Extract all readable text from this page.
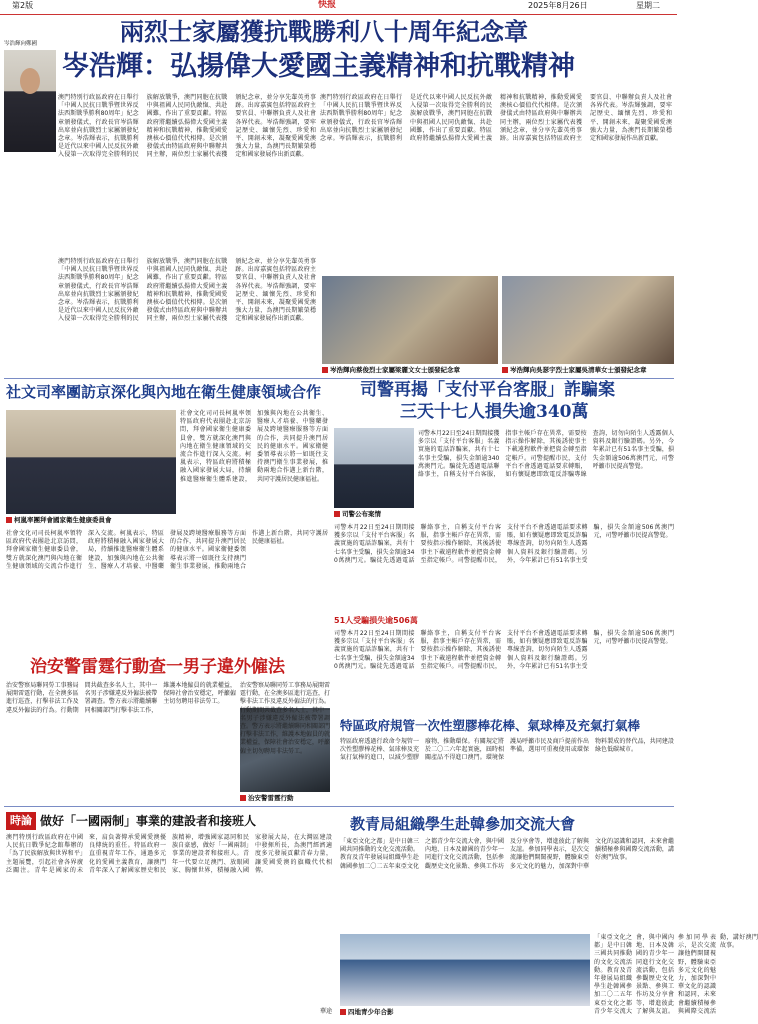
第2版	快报	2025年8月26日	星期二
岑浩輝向鄭國	兩烈士家屬獲抗戰勝利八十周年紀念章
岑浩輝：弘揚偉大愛國主義精神和抗戰精神
澳門特別行政區政府在日舉行「中國人民抗日戰爭暨世界反法西斯戰爭勝利80周年」紀念章頒發儀式，行政長官岑浩輝出席並向抗戰烈士家屬頒發紀念章。岑浩輝表示，抗戰勝利是近代以來中國人民反抗外敵入侵第一次取得完全勝利的民族解放戰爭，澳門同胞在抗戰中與祖國人民同仇敵愾、共赴國難，作出了重要貢獻。特區政府將繼續弘揚偉大愛國主義精神和抗戰精神，推動愛國愛澳核心價值代代相傳。是次頒發儀式由特區政府與中聯辦共同主辦，兩位烈士家屬代表獲頒紀念章，並分享先輩英勇事跡。出席嘉賓包括特區政府主要官員、中聯辦負責人及社會各界代表。岑浩輝強調，要牢記歷史、緬懷先烈、珍愛和平、開創未來，凝聚愛國愛澳強大力量，為澳門長期繁榮穩定和國家發展作出新貢獻。
澳門特別行政區政府在日舉行「中國人民抗日戰爭暨世界反法西斯戰爭勝利80周年」紀念章頒發儀式，行政長官岑浩輝出席並向抗戰烈士家屬頒發紀念章。岑浩輝表示，抗戰勝利是近代以來中國人民反抗外敵入侵第一次取得完全勝利的民族解放戰爭，澳門同胞在抗戰中與祖國人民同仇敵愾、共赴國難，作出了重要貢獻。特區政府將繼續弘揚偉大愛國主義精神和抗戰精神，推動愛國愛澳核心價值代代相傳。是次頒發儀式由特區政府與中聯辦共同主辦，兩位烈士家屬代表獲頒紀念章，並分享先輩英勇事跡。出席嘉賓包括特區政府主要官員、中聯辦負責人及社會各界代表。岑浩輝強調，要牢記歷史、緬懷先烈、珍愛和平、開創未來，凝聚愛國愛澳強大力量，為澳門長期繁榮穩定和國家發展作出新貢獻。
岑浩輝向蔡俊烈士家屬梁麗文女士頒發紀念章	岑浩輝向吳瑟宇烈士家屬吳清華女士頒發紀念章
澳門特別行政區政府在日舉行「中國人民抗日戰爭暨世界反法西斯戰爭勝利80周年」紀念章頒發儀式，行政長官岑浩輝出席並向抗戰烈士家屬頒發紀念章。岑浩輝表示，抗戰勝利是近代以來中國人民反抗外敵入侵第一次取得完全勝利的民族解放戰爭，澳門同胞在抗戰中與祖國人民同仇敵愾、共赴國難，作出了重要貢獻。特區政府將繼續弘揚偉大愛國主義精神和抗戰精神，推動愛國愛澳核心價值代代相傳。是次頒發儀式由特區政府與中聯辦共同主辦，兩位烈士家屬代表獲頒紀念章，並分享先輩英勇事跡。出席嘉賓包括特區政府主要官員、中聯辦負責人及社會各界代表。岑浩輝強調，要牢記歷史、緬懷先烈、珍愛和平、開創未來，凝聚愛國愛澳強大力量，為澳門長期繁榮穩定和國家發展作出新貢獻。
社文司率團訪京深化與內地在衛生健康領域合作
柯嵐率團拜會國家衛生健康委員會
社會文化司司長柯嵐率領特區政府代表團赴北京訪問，拜會國家衛生健康委員會，雙方就深化澳門與內地在衛生健康領域的交流合作進行深入交流。柯嵐表示，特區政府將積極融入國家發展大局，持續推進醫療衛生體系建設，加強與內地在公共衛生、醫療人才培養、中醫藥發展及跨境醫療服務等方面的合作，共同提升澳門居民的健康水平。國家衛健委領導表示將一如既往支持澳門衛生事業發展，推動兩地合作邁上新台階，共同守護居民健康福祉。
社會文化司司長柯嵐率領特區政府代表團赴北京訪問，拜會國家衛生健康委員會，雙方就深化澳門與內地在衛生健康領域的交流合作進行深入交流。柯嵐表示，特區政府將積極融入國家發展大局，持續推進醫療衛生體系建設，加強與內地在公共衛生、醫療人才培養、中醫藥發展及跨境醫療服務等方面的合作，共同提升澳門居民的健康水平。國家衛健委領導表示將一如既往支持澳門衛生事業發展，推動兩地合作邁上新台階，共同守護居民健康福祉。
司警再揭「支付平台客服」詐騙案
三天十七人損失逾340萬
司警公布案情
司警本月22日至24日期間接獲多宗以「支付平台客服」名義實施的電話詐騙案，共有十七名事主受騙，損失金額逾340萬澳門元。騙徒先透過電話聯絡事主，自稱支付平台客服，指事主帳戶存在異常，需要按指示操作解除，其後誘使事主下載遠程軟件並把資金轉至指定帳戶。司警提醒市民，支付平台不會透過電話要求轉賬，如有懷疑應即致電反詐騙專線查詢，切勿向陌生人透露個人資料及銀行驗證碼。另外，今年累計已有51名事主受騙，損失金額逾506萬澳門元，司警呼籲市民提高警覺。
司警本月22日至24日期間接獲多宗以「支付平台客服」名義實施的電話詐騙案，共有十七名事主受騙，損失金額逾340萬澳門元。騙徒先透過電話聯絡事主，自稱支付平台客服，指事主帳戶存在異常，需要按指示操作解除，其後誘使事主下載遠程軟件並把資金轉至指定帳戶。司警提醒市民，支付平台不會透過電話要求轉賬，如有懷疑應即致電反詐騙專線查詢，切勿向陌生人透露個人資料及銀行驗證碼。另外，今年累計已有51名事主受騙，損失金額逾506萬澳門元，司警呼籲市民提高警覺。
51人受騙損失逾506萬
司警本月22日至24日期間接獲多宗以「支付平台客服」名義實施的電話詐騙案，共有十七名事主受騙，損失金額逾340萬澳門元。騙徒先透過電話聯絡事主，自稱支付平台客服，指事主帳戶存在異常，需要按指示操作解除，其後誘使事主下載遠程軟件並把資金轉至指定帳戶。司警提醒市民，支付平台不會透過電話要求轉賬，如有懷疑應即致電反詐騙專線查詢，切勿向陌生人透露個人資料及銀行驗證碼。另外，今年累計已有51名事主受騙，損失金額逾506萬澳門元，司警呼籲市民提高警覺。
治安警雷霆行動查一男子違外僱法
治安警察局聯同勞工事務局展開雷霆行動，在全澳多區進行巡查，打擊非法工作及違反外僱法的行為。行動期間共截查多名人士，其中一名男子涉嫌違反外僱法被帶署調查。警方表示將繼續聯同相關部門打擊非法工作，維護本地僱員的就業權益，保障社會治安穩定，呼籲僱主切勿聘用非法勞工。
治安警雷霆行動
治安警察局聯同勞工事務局展開雷霆行動，在全澳多區進行巡查，打擊非法工作及違反外僱法的行為。行動期間共截查多名人士，其中一名男子涉嫌違反外僱法被帶署調查。警方表示將繼續聯同相關部門打擊非法工作，維護本地僱員的就業權益，保障社會治安穩定，呼籲僱主切勿聘用非法勞工。
特區政府規管一次性塑膠棒花棒、氣球棒及充氣打氣棒
特區政府透過行政命令規管一次性塑膠棒花棒、氣球棒及充氣打氣棒的進口，以減少塑膠廢物，推動環保。有關規定將於二〇二六年起實施，屆時相關產品不得進口澳門。環境保護局呼籲市民及商戶提前作出準備，選用可重複使用或環保物料製成的替代品，共同建設綠色低碳城市。
時論 做好「一國兩制」事業的建設者和接班人
澳門特別行政區政府在中國人民抗日戰爭紀念館舉辦的「為了民族解放與世界和平」主題展覽，引起社會各界廣泛關注。青年是國家的未來，肩負著傳承愛國愛澳優良傳統的重任。特區政府一直重視青年工作，通過多元化的愛國主義教育，讓澳門青年深入了解國家歷史和民族精神，增強國家認同和民族自豪感，做好「一國兩制」事業的建設者和接班人。青年一代要立足澳門、放眼國家、胸懷世界，積極融入國家發展大局，在大灣區建設中發揮所長，為澳門經濟適度多元發展貢獻青春力量，讓愛國愛澳的旗幟代代相傳。
華途
教青局組織學生赴韓參加交流大會
「東亞文化之都」是中日韓三國共同推動的文化交流活動。教育及青年發展局組織學生赴韓國參加二〇二五年東亞文化之都青少年交流大會，與中國內地、日本及韓國的青少年一同進行文化交流活動，包括參觀歷史文化景點、參與工作坊及分享會等，增進彼此了解與友誼。參加同學表示，是次交流讓他們開闊視野，體驗東亞多元文化的魅力，加深對中華文化的認識和認同，未來會繼續積極參與國際交流活動，講好澳門故事。
四地青少年合影
「東亞文化之都」是中日韓三國共同推動的文化交流活動。教育及青年發展局組織學生赴韓國參加二〇二五年東亞文化之都青少年交流大會，與中國內地、日本及韓國的青少年一同進行文化交流活動，包括參觀歷史文化景點、參與工作坊及分享會等，增進彼此了解與友誼。參加同學表示，是次交流讓他們開闊視野，體驗東亞多元文化的魅力，加深對中華文化的認識和認同，未來會繼續積極參與國際交流活動，講好澳門故事。
